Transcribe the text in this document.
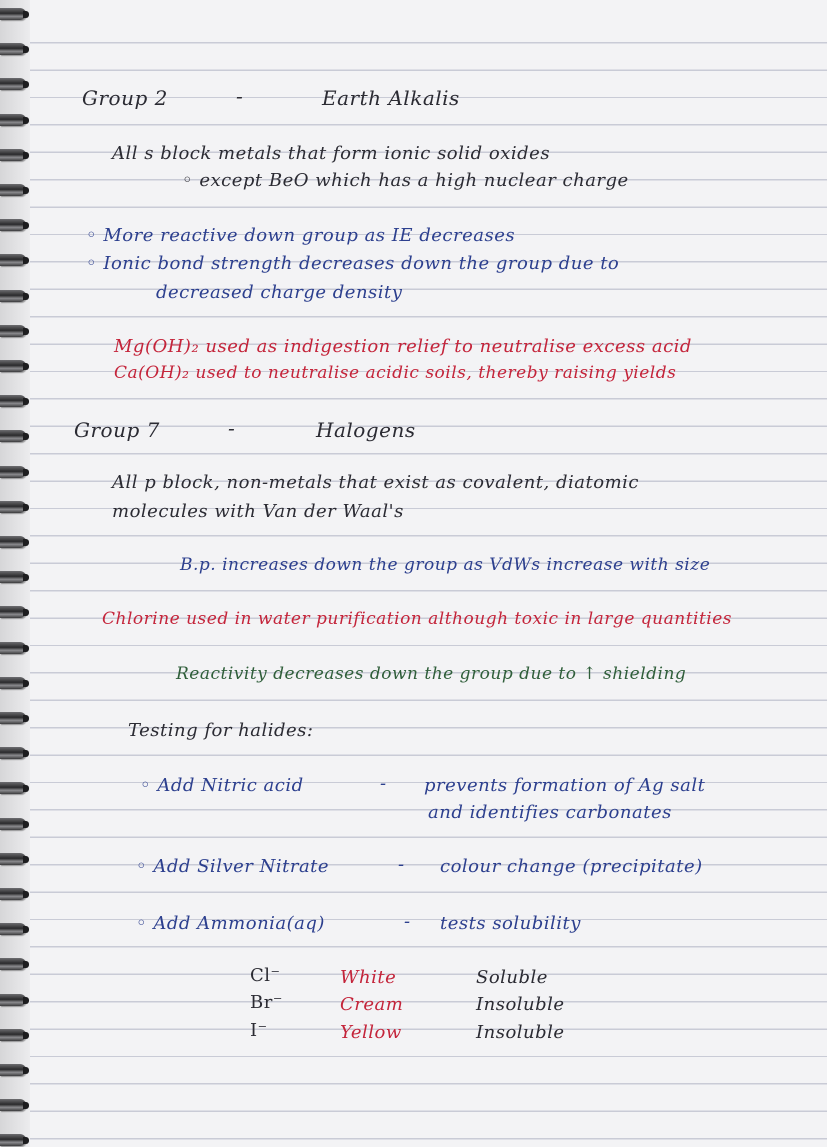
Group 2	-	Earth Alkalis
All s block metals that form ionic solid oxides
◦ except BeO which has a high nuclear charge
◦ More reactive down group as IE decreases
◦ Ionic bond strength decreases down the group due to
decreased charge density
Mg(OH)₂ used as indigestion relief to neutralise excess acid
Ca(OH)₂ used to neutralise acidic soils, thereby raising yields
Group 7	-	Halogens
All p block, non-metals that exist as covalent, diatomic
molecules with Van der Waal's
B.p. increases down the group as VdWs increase with size
Chlorine used in water purification although toxic in large quantities
Reactivity decreases down the group due to ↑ shielding
Testing for halides:
◦ Add Nitric acid	- prevents formation of Ag salt
and identifies carbonates
◦ Add Silver Nitrate	- colour change (precipitate)
◦ Add Ammonia(aq)	- tests solubility
Cl⁻	White	Soluble
Br⁻	Cream	Insoluble
I⁻	Yellow	Insoluble
